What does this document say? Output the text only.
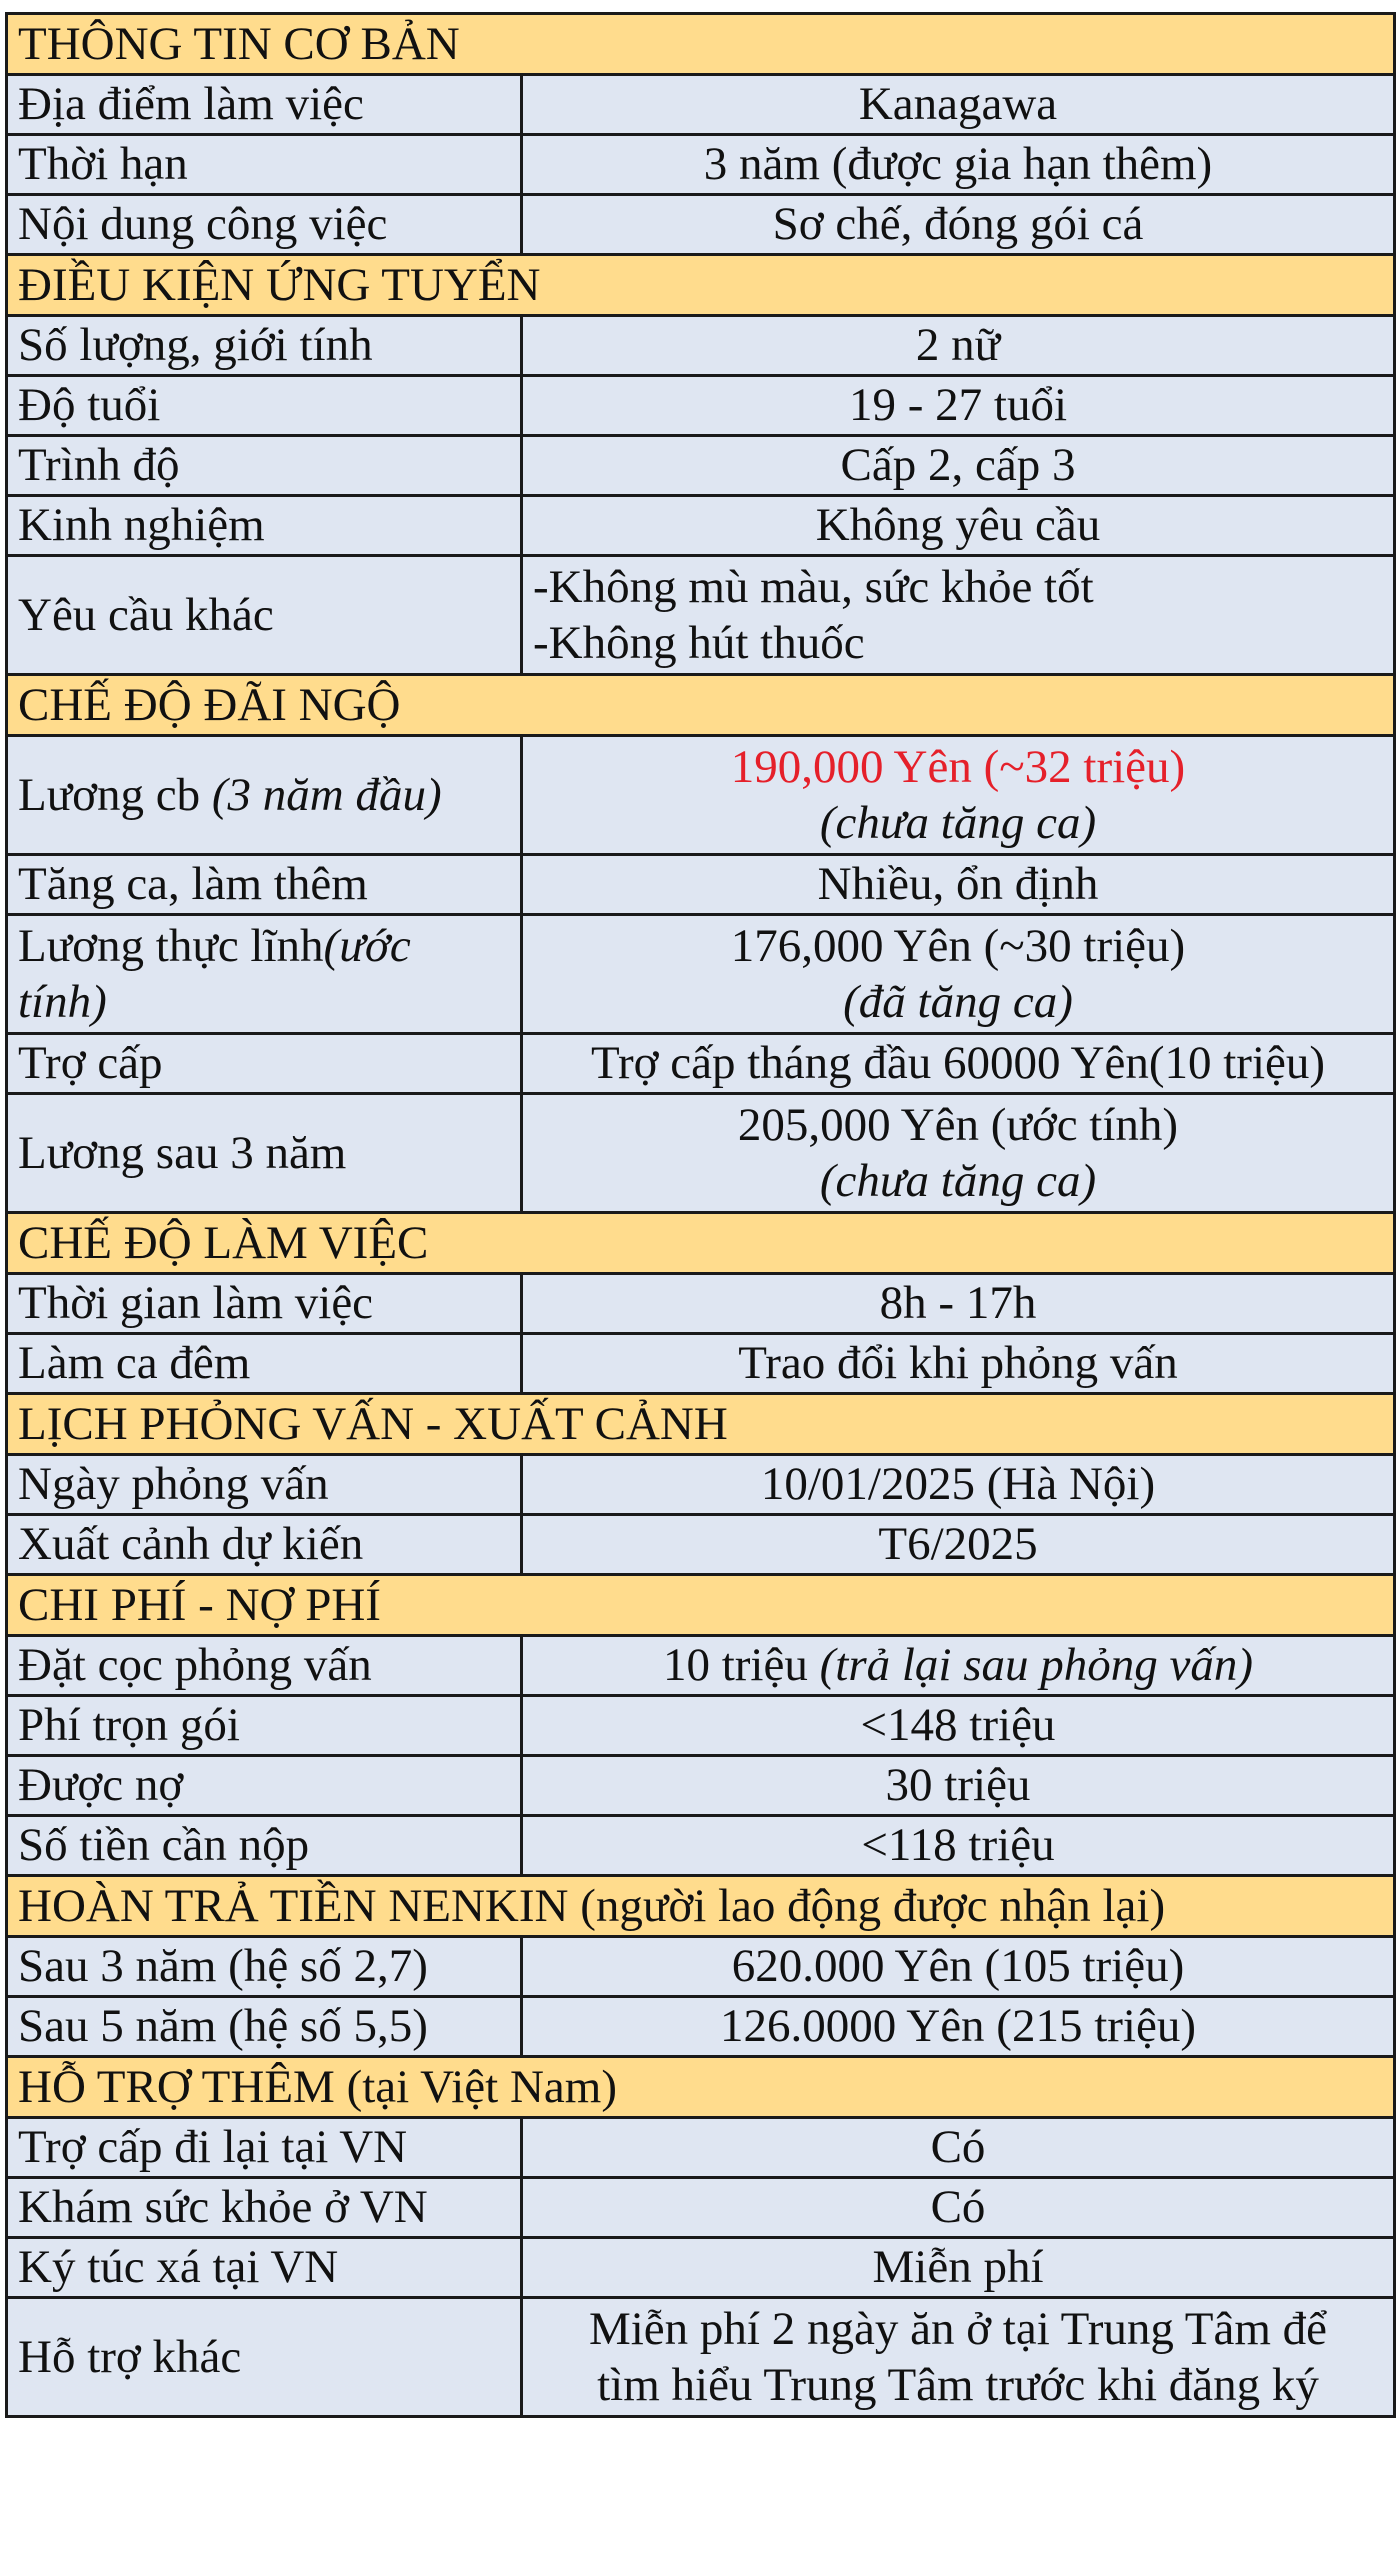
THÔNG TIN CƠ BẢN	
Địa điểm làm việc	Kanagawa
Thời hạn	3 năm (được gia hạn thêm)
Nội dung công việc	Sơ chế, đóng gói cá
ĐIỀU KIỆN ỨNG TUYỂN	
Số lượng, giới tính	2 nữ
Độ tuổi	19 - 27 tuổi
Trình độ	Cấp 2, cấp 3
Kinh nghiệm	Không yêu cầu
Yêu cầu khác	-Không mù màu, sức khỏe tốt
-Không hút thuốc

CHẾ ĐỘ ĐÃI NGỘ	
Lương cb (3 năm đầu)	190,000 Yên (~32 triệu)
(chưa tăng ca)

Tăng ca, làm thêm	Nhiều, ổn định

Lương thực lĩnh(ước
tính)	176,000 Yên (~30 triệu)
(đã tăng ca)

Trợ cấp	Trợ cấp tháng đầu 60000 Yên(10 triệu)
Lương sau 3 năm	205,000 Yên (ước tính)
(chưa tăng ca)

CHẾ ĐỘ LÀM VIỆC	
Thời gian làm việc	8h - 17h
Làm ca đêm	Trao đổi khi phỏng vấn
LỊCH PHỎNG VẤN - XUẤT CẢNH	
Ngày phỏng vấn	10/01/2025 (Hà Nội)
Xuất cảnh dự kiến	T6/2025
CHI PHÍ - NỢ PHÍ	
Đặt cọc phỏng vấn	10 triệu (trả lại sau phỏng vấn)
Phí trọn gói	<148 triệu
Được nợ	30 triệu
Số tiền cần nộp	<118 triệu
HOÀN TRẢ TIỀN NENKIN (người lao động được nhận lại)	
Sau 3 năm (hệ số 2,7)	620.000 Yên (105 triệu)
Sau 5 năm (hệ số 5,5)	126.0000 Yên (215 triệu)
HỖ TRỢ THÊM (tại Việt Nam)	
Trợ cấp đi lại tại VN	Có
Khám sức khỏe ở VN	Có
Ký túc xá tại VN	Miễn phí
Hỗ trợ khác	Miễn phí 2 ngày ăn ở tại Trung Tâm để
tìm hiểu Trung Tâm trước khi đăng ký
